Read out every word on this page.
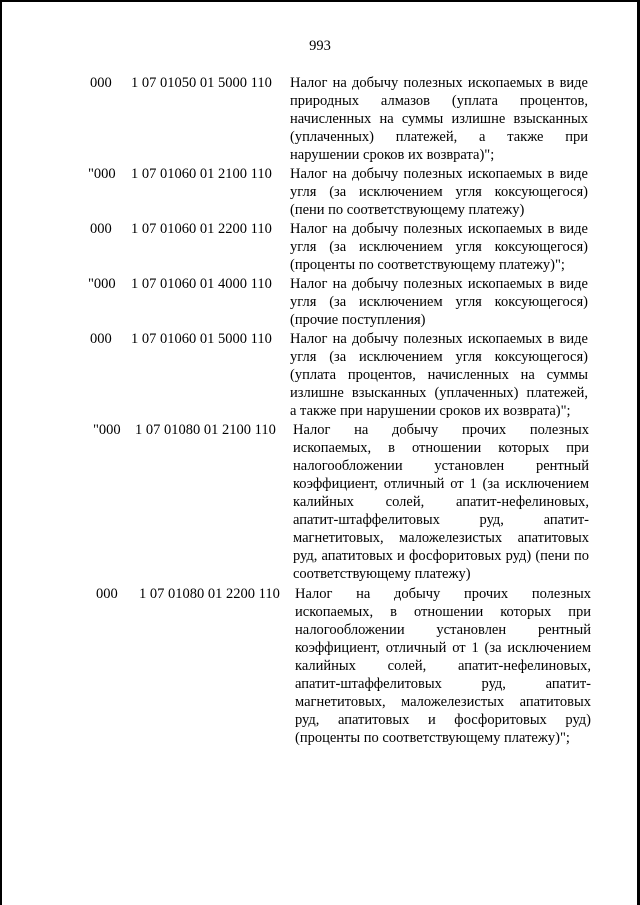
993
000 1 07 01050 01 5000 110 Налог на добычу полезных ископаемых в виде
природных алмазов (уплата процентов,
начисленных на суммы излишне взысканных
(уплаченных) платежей, а также при
нарушении сроков их возврата)";
"000 1 07 01060 01 2100 110 Налог на добычу полезных ископаемых в виде
угля (за исключением угля коксующегося)
(пени по соответствующему платежу)
000 1 07 01060 01 2200 110 Налог на добычу полезных ископаемых в виде
угля (за исключением угля коксующегося)
(проценты по соответствующему платежу)";
"000 1 07 01060 01 4000 110 Налог на добычу полезных ископаемых в виде
угля (за исключением угля коксующегося)
(прочие поступления)
000 1 07 01060 01 5000 110 Налог на добычу полезных ископаемых в виде
угля (за исключением угля коксующегося)
(уплата процентов, начисленных на суммы
излишне взысканных (уплаченных) платежей,
а также при нарушении сроков их возврата)";
"000 1 07 01080 01 2100 110 Налог на добычу прочих полезных
ископаемых, в отношении которых при
налогообложении установлен рентный
коэффициент, отличный от 1 (за исключением
калийных солей, апатит-нефелиновых,
апатит-штаффелитовых руд, апатит-
магнетитовых, маложелезистых апатитовых
руд, апатитовых и фосфоритовых руд) (пени по
соответствующему платежу)
000 1 07 01080 01 2200 110 Налог на добычу прочих полезных
ископаемых, в отношении которых при
налогообложении установлен рентный
коэффициент, отличный от 1 (за исключением
калийных солей, апатит-нефелиновых,
апатит-штаффелитовых руд, апатит-
магнетитовых, маложелезистых апатитовых
руд, апатитовых и фосфоритовых руд)
(проценты по соответствующему платежу)";
